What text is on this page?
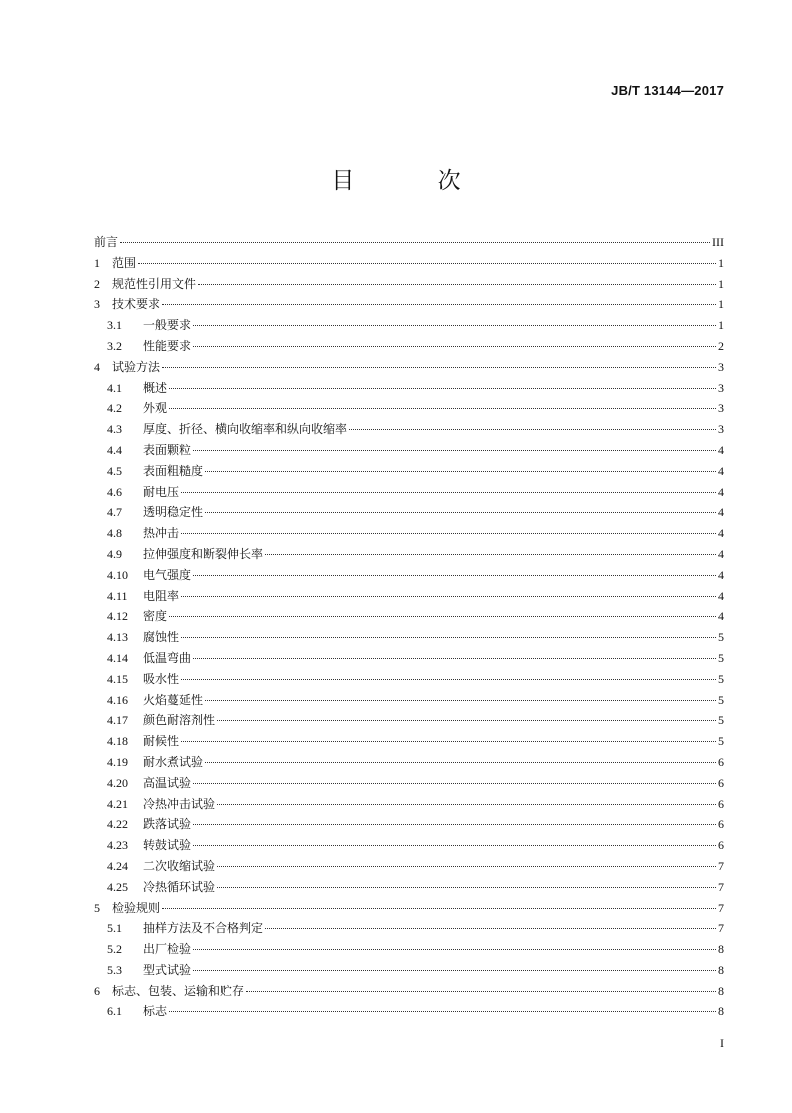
JB/T 13144—2017
目 次
前言	III
1	范围	1
2	规范性引用文件	1
3	技术要求	1
3.1	一般要求	1
3.2	性能要求	2
4	试验方法	3
4.1	概述	3
4.2	外观	3
4.3	厚度、折径、横向收缩率和纵向收缩率	3
4.4	表面颗粒	4
4.5	表面粗糙度	4
4.6	耐电压	4
4.7	透明稳定性	4
4.8	热冲击	4
4.9	拉伸强度和断裂伸长率	4
4.10	电气强度	4
4.11	电阻率	4
4.12	密度	4
4.13	腐蚀性	5
4.14	低温弯曲	5
4.15	吸水性	5
4.16	火焰蔓延性	5
4.17	颜色耐溶剂性	5
4.18	耐候性	5
4.19	耐水煮试验	6
4.20	高温试验	6
4.21	冷热冲击试验	6
4.22	跌落试验	6
4.23	转鼓试验	6
4.24	二次收缩试验	7
4.25	冷热循环试验	7
5	检验规则	7
5.1	抽样方法及不合格判定	7
5.2	出厂检验	8
5.3	型式试验	8
6	标志、包装、运输和贮存	8
6.1	标志	8
I
